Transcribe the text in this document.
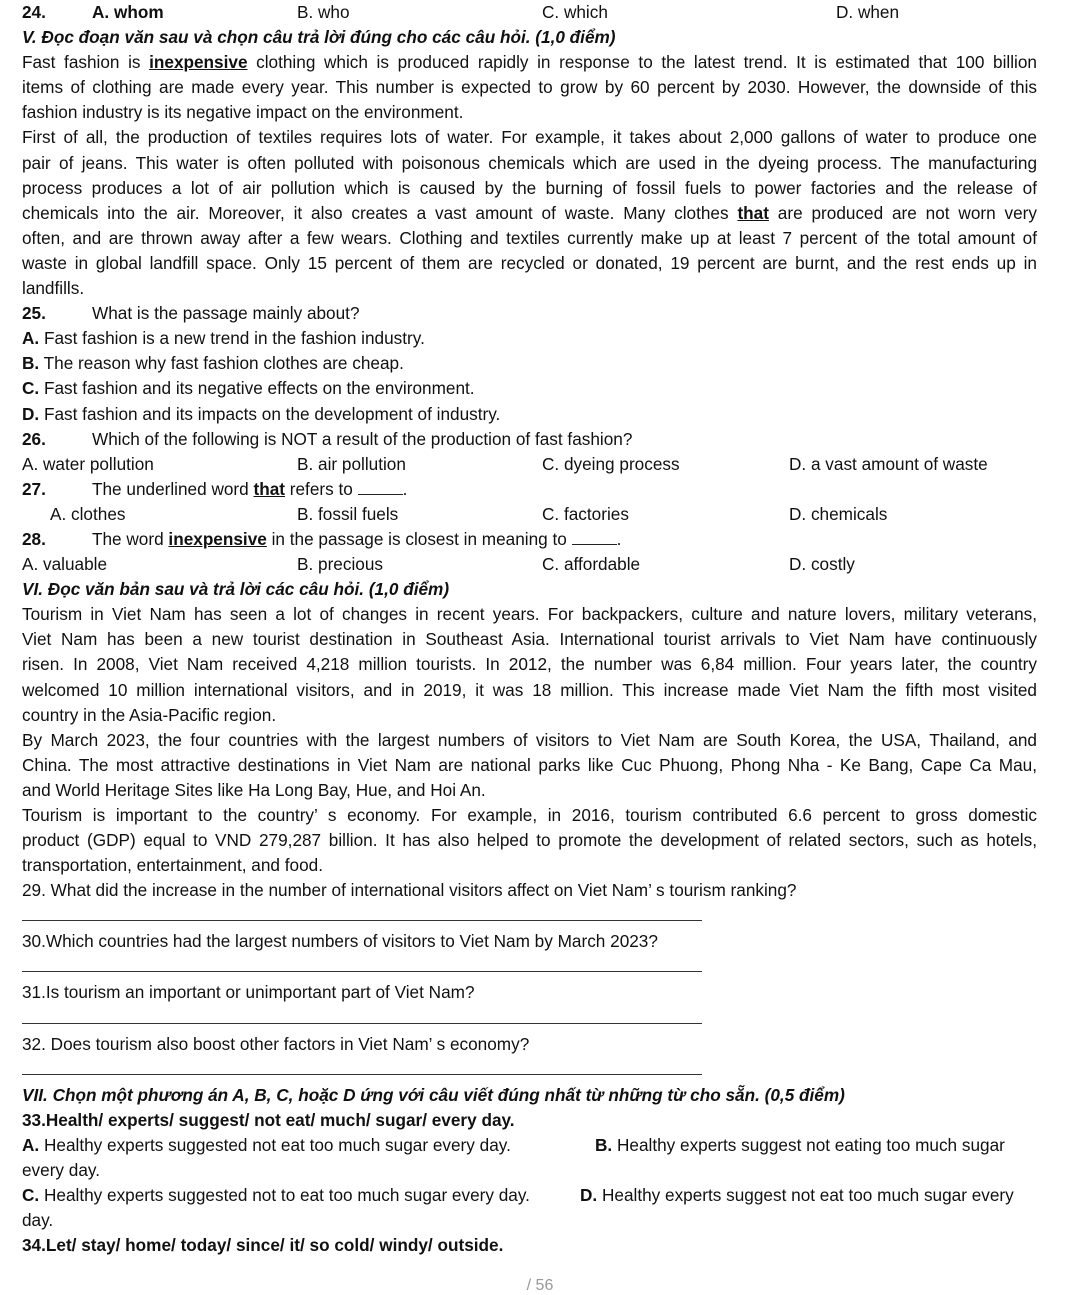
24.	A. whom	B. who	C. which	D. when
V. Đọc đoạn văn sau và chọn câu trả lời đúng cho các câu hỏi. (1,0 điểm)
Fast fashion is inexpensive clothing which is produced rapidly in response to the latest trend. It is estimated that 100 billion
items of clothing are made every year. This number is expected to grow by 60 percent by 2030. However, the downside of this
fashion industry is its negative impact on the environment.
First of all, the production of textiles requires lots of water. For example, it takes about 2,000 gallons of water to produce one
pair of jeans. This water is often polluted with poisonous chemicals which are used in the dyeing process. The manufacturing
process produces a lot of air pollution which is caused by the burning of fossil fuels to power factories and the release of
chemicals into the air. Moreover, it also creates a vast amount of waste. Many clothes that are produced are not worn very
often, and are thrown away after a few wears. Clothing and textiles currently make up at least 7 percent of the total amount of
waste in global landfill space. Only 15 percent of them are recycled or donated, 19 percent are burnt, and the rest ends up in
landfills.
25.	What is the passage mainly about?
A. Fast fashion is a new trend in the fashion industry.
B. The reason why fast fashion clothes are cheap.
C. Fast fashion and its negative effects on the environment.
D. Fast fashion and its impacts on the development of industry.
26.	Which of the following is NOT a result of the production of fast fashion?
A. water pollution	B. air pollution	C. dyeing process	D. a vast amount of waste
27.	The underlined word that refers to	.
A. clothes	B. fossil fuels	C. factories	D. chemicals
28.	The word inexpensive in the passage is closest in meaning to	.
A. valuable	B. precious	C. affordable	D. costly
VI. Đọc văn bản sau và trả lời các câu hỏi. (1,0 điểm)
Tourism in Viet Nam has seen a lot of changes in recent years. For backpackers, culture and nature lovers, military veterans,
Viet Nam has been a new tourist destination in Southeast Asia. International tourist arrivals to Viet Nam have continuously
risen. In 2008, Viet Nam received 4,218 million tourists. In 2012, the number was 6,84 million. Four years later, the country
welcomed 10 million international visitors, and in 2019, it was 18 million. This increase made Viet Nam the fifth most visited
country in the Asia-Pacific region.
By March 2023, the four countries with the largest numbers of visitors to Viet Nam are South Korea, the USA, Thailand, and
China. The most attractive destinations in Viet Nam are national parks like Cuc Phuong, Phong Nha - Ke Bang, Cape Ca Mau,
and World Heritage Sites like Ha Long Bay, Hue, and Hoi An.
Tourism is important to the country’ s economy. For example, in 2016, tourism contributed 6.6 percent to gross domestic
product (GDP) equal to VND 279,287 billion. It has also helped to promote the development of related sectors, such as hotels,
transportation, entertainment, and food.
29. What did the increase in the number of international visitors affect on Viet Nam’ s tourism ranking?
30.Which countries had the largest numbers of visitors to Viet Nam by March 2023?
31.Is tourism an important or unimportant part of Viet Nam?
32. Does tourism also boost other factors in Viet Nam’ s economy?
VII. Chọn một phương án A, B, C, hoặc D ứng với câu viết đúng nhất từ những từ cho sẵn. (0,5 điểm)
33.Health/ experts/ suggest/ not eat/ much/ sugar/ every day.
A. Healthy experts suggested not eat too much sugar every day.	B. Healthy experts suggest not eating too much sugar
every day.
C. Healthy experts suggested not to eat too much sugar every day.	D. Healthy experts suggest not eat too much sugar every
day.
34.Let/ stay/ home/ today/ since/ it/ so cold/ windy/ outside.
/ 56
